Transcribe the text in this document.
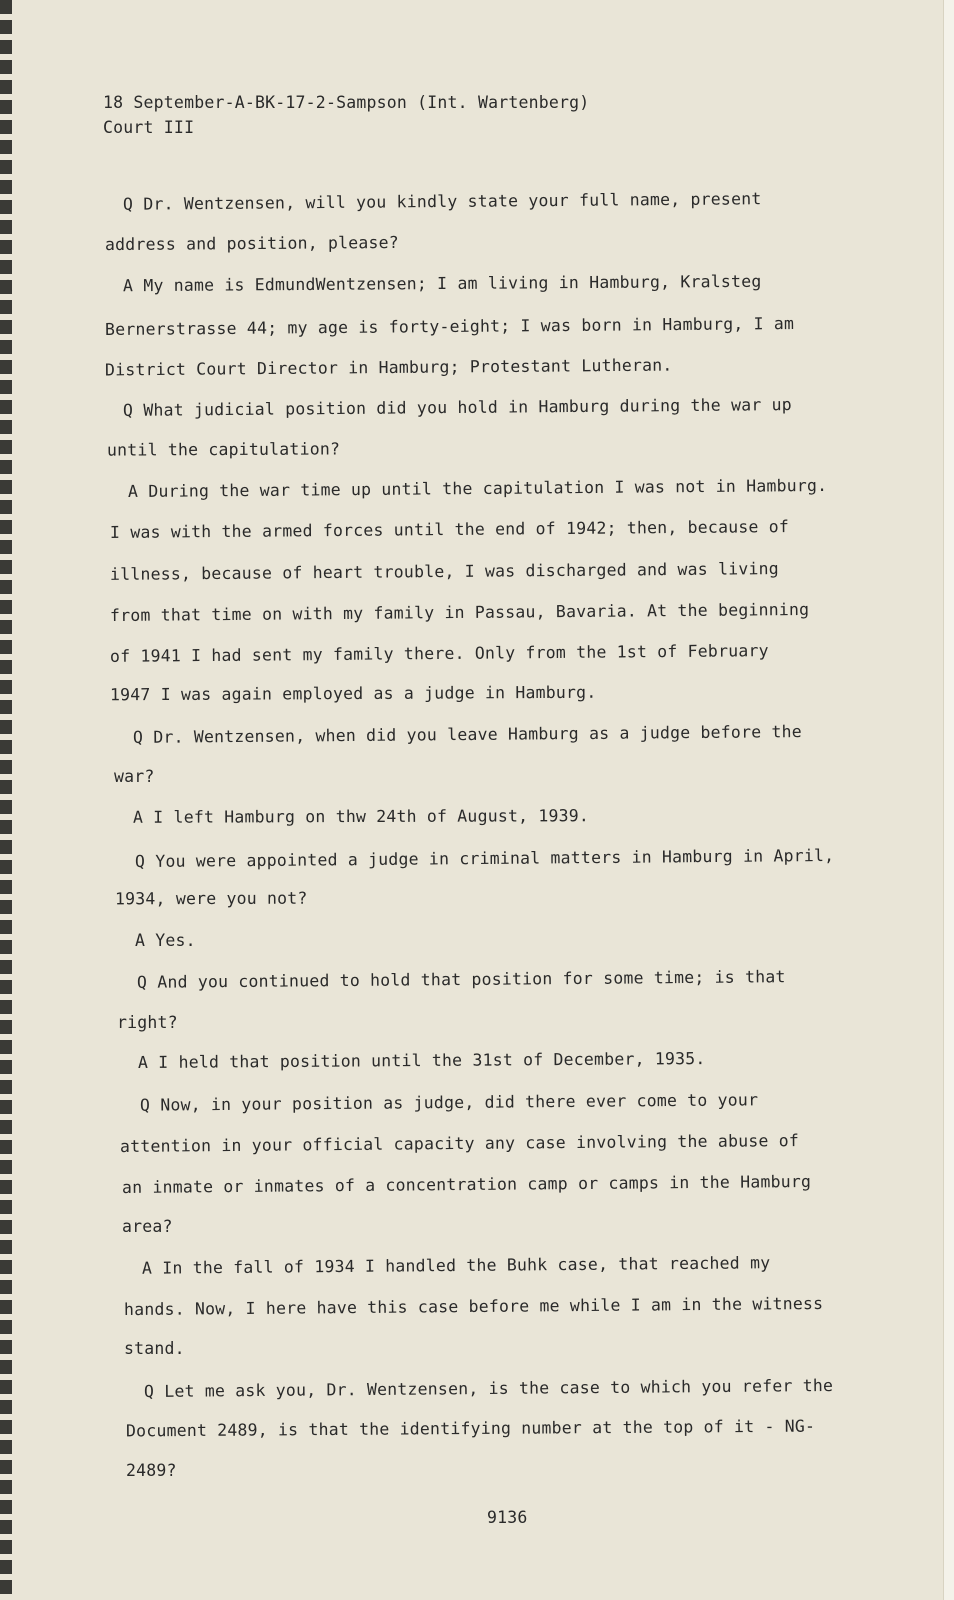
18 September-A-BK-17-2-Sampson (Int. Wartenberg)
Court III
Q Dr. Wentzensen, will you kindly state your full name, present
address and position, please?
A My name is EdmundWentzensen; I am living in Hamburg, Kralsteg
Bernerstrasse 44; my age is forty-eight; I was born in Hamburg, I am
District Court Director in Hamburg; Protestant Lutheran.
Q What judicial position did you hold in Hamburg during the war up
until the capitulation?
A During the war time up until the capitulation I was not in Hamburg.
I was with the armed forces until the end of 1942; then, because of
illness, because of heart trouble, I was discharged and was living
from that time on with my family in Passau, Bavaria. At the beginning
of 1941 I had sent my family there. Only from the 1st of February
1947 I was again employed as a judge in Hamburg.
Q Dr. Wentzensen, when did you leave Hamburg as a judge before the
war?
A I left Hamburg on thw 24th of August, 1939.
Q You were appointed a judge in criminal matters in Hamburg in April,
1934, were you not?
A Yes.
Q And you continued to hold that position for some time; is that
right?
A I held that position until the 31st of December, 1935.
Q Now, in your position as judge, did there ever come to your
attention in your official capacity any case involving the abuse of
an inmate or inmates of a concentration camp or camps in the Hamburg
area?
A In the fall of 1934 I handled the Buhk case, that reached my
hands. Now, I here have this case before me while I am in the witness
stand.
Q Let me ask you, Dr. Wentzensen, is the case to which you refer the
Document 2489, is that the identifying number at the top of it - NG-
2489?
9136
